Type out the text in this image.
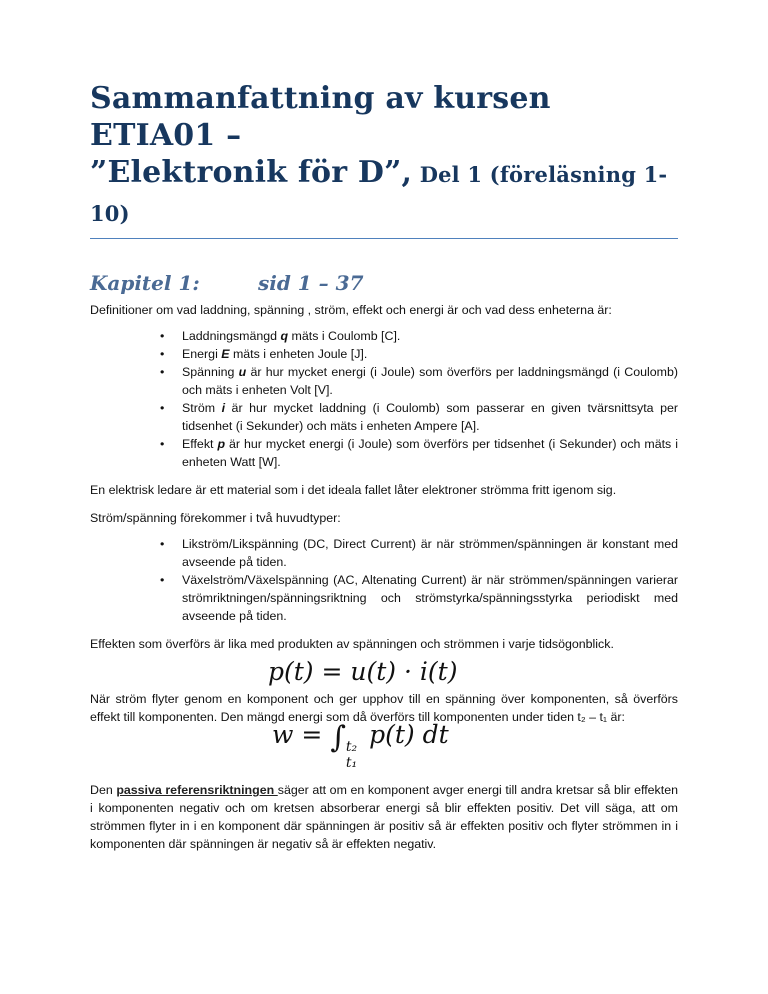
Sammanfattning av kursen ETIA01 –
”Elektronik för D”, Del 1 (föreläsning 1-10)
Kapitel 1:	sid 1 – 37

Definitioner om vad laddning, spänning , ström, effekt och energi är och vad dess enheterna är:

• Laddningsmängd q mäts i Coulomb [C].
• Energi E mäts i enheten Joule [J].
• Spänning u är hur mycket energi (i Joule) som överförs per laddningsmängd (i Coulomb) och mäts i enheten Volt [V].
• Ström i är hur mycket laddning (i Coulomb) som passerar en given tvärsnittsyta per tidsenhet (i Sekunder) och mäts i enheten Ampere [A].
• Effekt p är hur mycket energi (i Joule) som överförs per tidsenhet (i Sekunder) och mäts i enheten Watt [W].

En elektrisk ledare är ett material som i det ideala fallet låter elektroner strömma fritt igenom sig.

Ström/spänning förekommer i två huvudtyper:

• Likström/Likspänning (DC, Direct Current) är när strömmen/spänningen är konstant med avseende på tiden.
• Växelström/Växelspänning (AC, Altenating Current) är när strömmen/spänningen varierar strömriktningen/spänningsriktning och strömstyrka/spänningsstyrka periodiskt med avseende på tiden.

Effekten som överförs är lika med produkten av spänningen och strömmen i varje tidsögonblick.

p(t) = u(t) · i(t)

När ström flyter genom en komponent och ger upphov till en spänning över komponenten, så överförs effekt till komponenten. Den mängd energi som då överförs till komponenten under tiden t₂ – t₁ är:

w = ∫ t₂
t₁
p(t) dt

Den passiva referensriktningen säger att om en komponent avger energi till andra kretsar så blir effekten i komponenten negativ och om kretsen absorberar energi så blir effekten positiv. Det vill säga, att om strömmen flyter in i en komponent där spänningen är positiv så är effekten positiv och flyter strömmen in i komponenten där spänningen är negativ så är effekten negativ.
